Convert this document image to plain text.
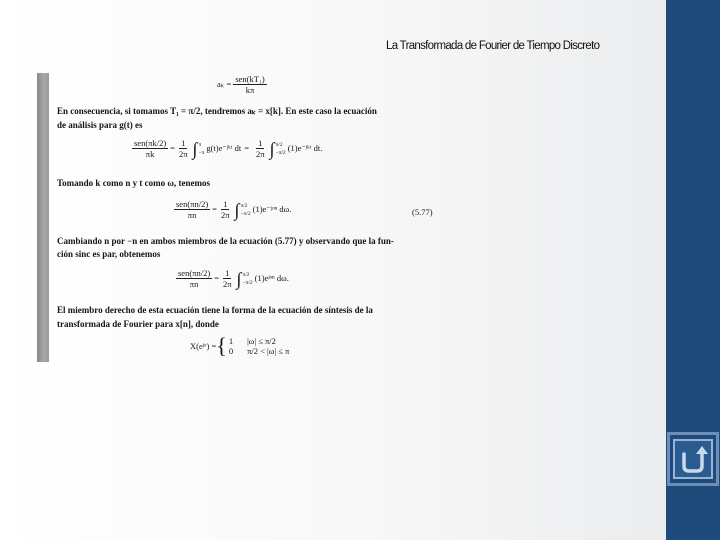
La Transformada de Fourier de Tiempo Discreto
$a_k = \frac{\text{sen(kT₁)}}{k\pi}$
En consecuencia, si tomamos T₁ = π/2, tendremos aₖ = x[k]. En este caso la ecuación
de análisis para g(t) es
$\frac{\text{sen(πk/2)}}{\pi k} = \frac{1}{2\pi}$ ∫ π
−π g(t)e⁻ʲᵏᵗ dt = $\frac{1}{2\pi}$ ∫ π/2
−π/2 (1)e⁻ʲᵏᵗ dt.
Tomando k como n y t como ω, tenemos
$\frac{\text{sen(πn/2)}}{\pi n} = \frac{1}{2\pi}$ ∫ π/2
−π/2 (1)e⁻ʲᵒⁿ dω.	(5.77)
Cambiando n por −n en ambos miembros de la ecuación (5.77) y observando que la fun-
ción sinc es par, obtenemos
$\frac{\text{sen(πn/2)}}{\pi n} = \frac{1}{2\pi}$ ∫ π/2
−π/2 (1)eʲᵒⁿ dω.
El miembro derecho de esta ecuación tiene la forma de la ecuación de síntesis de la
transformada de Fourier para x[n], donde
X(eʲᵒ) = { 1
0
|ω| ≤ π/2
π/2 < |ω| ≤ π
